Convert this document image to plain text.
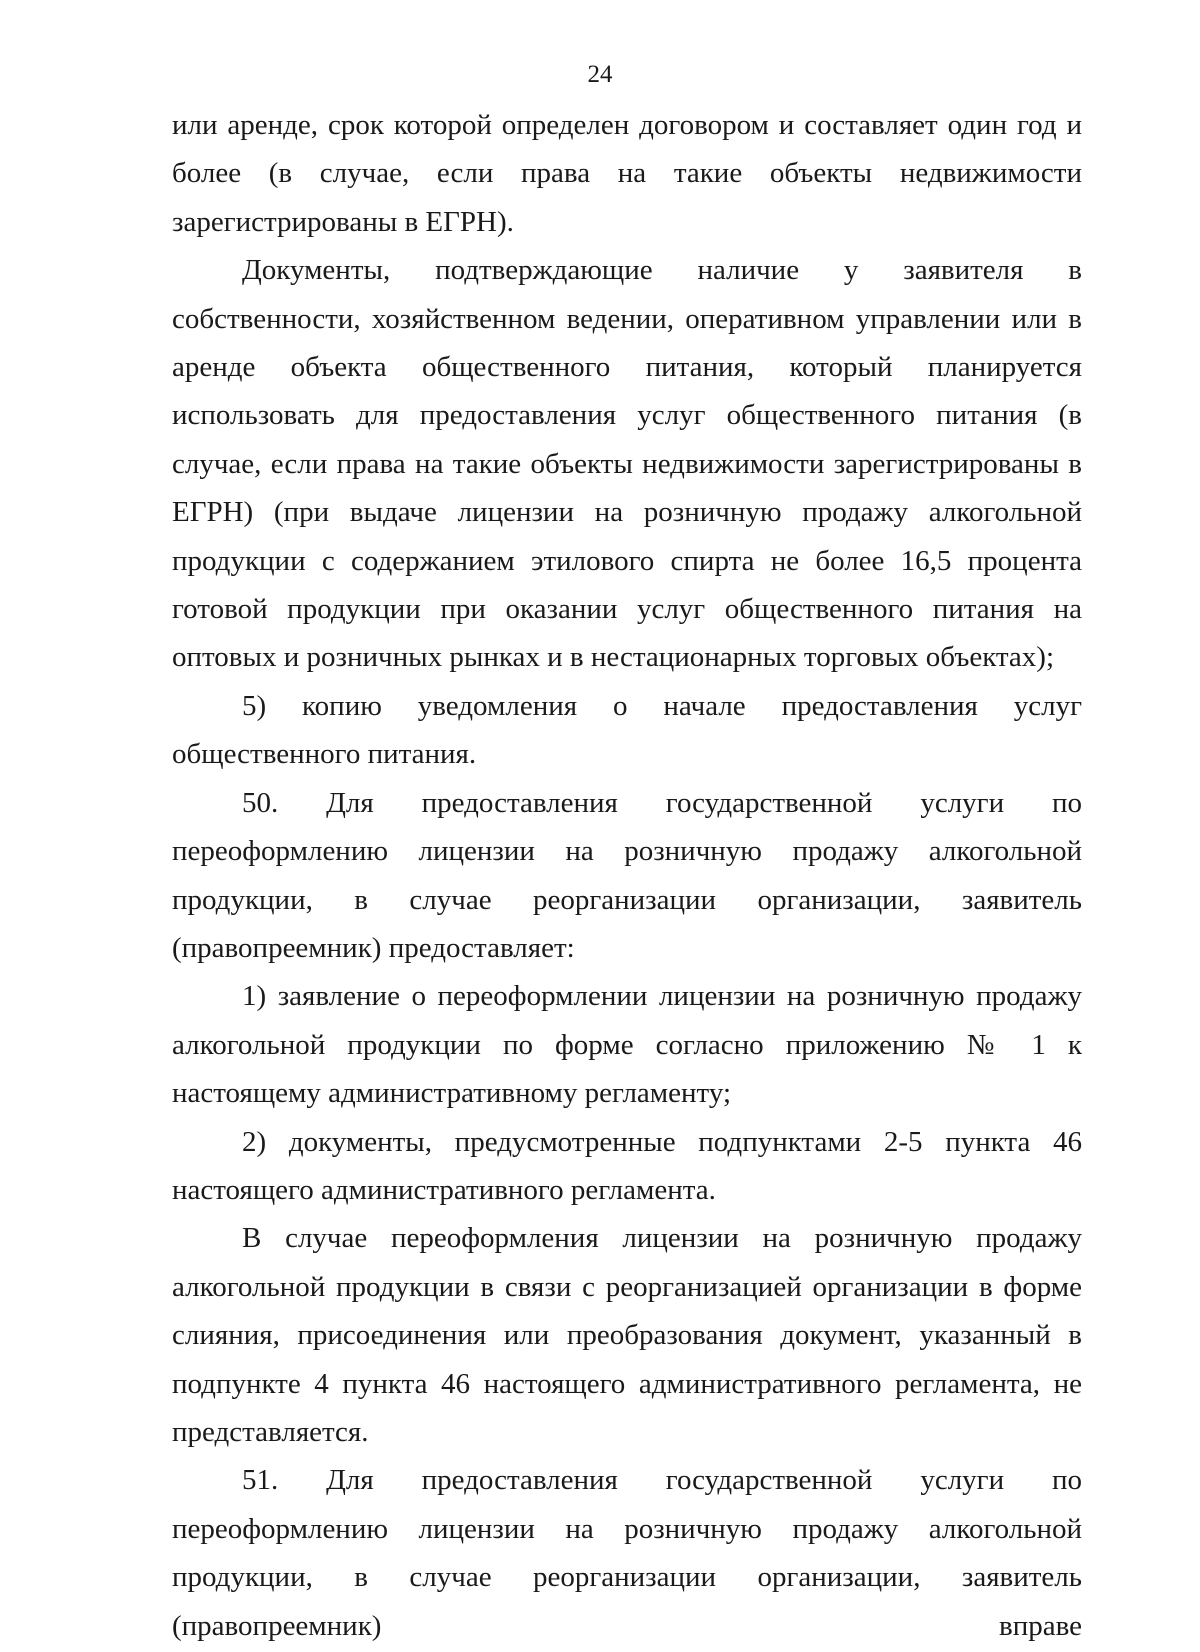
24

или аренде, срок которой определен договором и составляет один год и более (в случае, если права на такие объекты недвижимости зарегистрированы в ЕГРН).

Документы, подтверждающие наличие у заявителя в собственности, хозяйственном ведении, оперативном управлении или в аренде объекта общественного питания, который планируется использовать для предоставления услуг общественного питания (в случае, если права на такие объекты недвижимости зарегистрированы в ЕГРН) (при выдаче лицензии на розничную продажу алкогольной продукции с содержанием этилового спирта не более 16,5 процента готовой продукции при оказании услуг общественного питания на оптовых и розничных рынках и в нестационарных торговых объектах);

5) копию уведомления о начале предоставления услуг общественного питания.

50. Для предоставления государственной услуги по переоформлению лицензии на розничную продажу алкогольной продукции, в случае реорганизации организации, заявитель (правопреемник) предоставляет:

1) заявление о переоформлении лицензии на розничную продажу алкогольной продукции по форме согласно приложению № 1 к настоящему административному регламенту;

2) документы, предусмотренные подпунктами 2-5 пункта 46 настоящего административного регламента.

В случае переоформления лицензии на розничную продажу алкогольной продукции в связи с реорганизацией организации в форме слияния, присоединения или преобразования документ, указанный в подпункте 4 пункта 46 настоящего административного регламента, не представляется.

51. Для предоставления государственной услуги по переоформлению лицензии на розничную продажу алкогольной продукции, в случае реорганизации организации, заявитель (правопреемник) вправе
